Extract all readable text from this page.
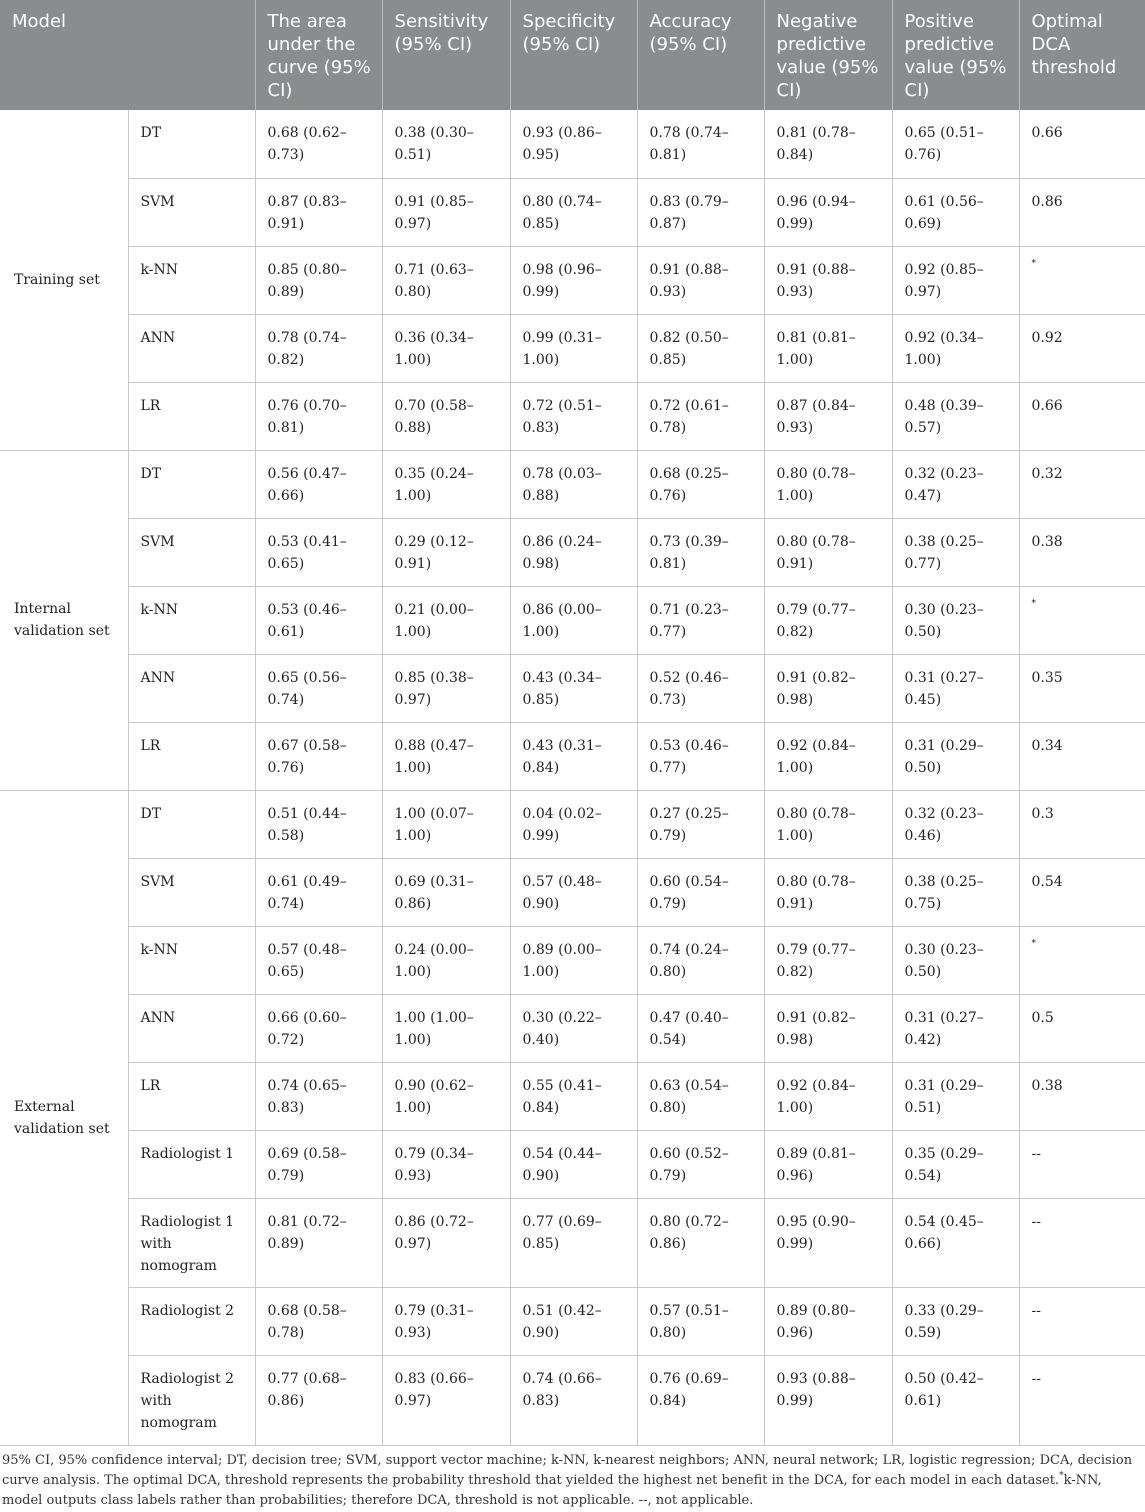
Model		The area under the curve (95% CI)	Sensitivity (95% CI)	Specificity (95% CI)	Accuracy (95% CI)	Negative predictive value (95% CI)	Positive predictive value (95% CI)	Optimal DCA threshold
Training set	DT	0.68 (0.62–0.73)	0.38 (0.30–0.51)	0.93 (0.86–0.95)	0.78 (0.74–0.81)	0.81 (0.78–0.84)	0.65 (0.51–0.76)	0.66
	SVM	0.87 (0.83–0.91)	0.91 (0.85–0.97)	0.80 (0.74–0.85)	0.83 (0.79–0.87)	0.96 (0.94–0.99)	0.61 (0.56–0.69)	0.86
	k-NN	0.85 (0.80–0.89)	0.71 (0.63–0.80)	0.98 (0.96–0.99)	0.91 (0.88–0.93)	0.91 (0.88–0.93)	0.92 (0.85–0.97)	*
	ANN	0.78 (0.74–0.82)	0.36 (0.34–1.00)	0.99 (0.31–1.00)	0.82 (0.50–0.85)	0.81 (0.81–1.00)	0.92 (0.34–1.00)	0.92
	LR	0.76 (0.70–0.81)	0.70 (0.58–0.88)	0.72 (0.51–0.83)	0.72 (0.61–0.78)	0.87 (0.84–0.93)	0.48 (0.39–0.57)	0.66
Internal validation set	DT	0.56 (0.47–0.66)	0.35 (0.24–1.00)	0.78 (0.03–0.88)	0.68 (0.25–0.76)	0.80 (0.78–1.00)	0.32 (0.23–0.47)	0.32
	SVM	0.53 (0.41–0.65)	0.29 (0.12–0.91)	0.86 (0.24–0.98)	0.73 (0.39–0.81)	0.80 (0.78–0.91)	0.38 (0.25–0.77)	0.38
	k-NN	0.53 (0.46–0.61)	0.21 (0.00–1.00)	0.86 (0.00–1.00)	0.71 (0.23–0.77)	0.79 (0.77–0.82)	0.30 (0.23–0.50)	*
	ANN	0.65 (0.56–0.74)	0.85 (0.38–0.97)	0.43 (0.34–0.85)	0.52 (0.46–0.73)	0.91 (0.82–0.98)	0.31 (0.27–0.45)	0.35
	LR	0.67 (0.58–0.76)	0.88 (0.47–1.00)	0.43 (0.31–0.84)	0.53 (0.46–0.77)	0.92 (0.84–1.00)	0.31 (0.29–0.50)	0.34
External validation set	DT	0.51 (0.44–0.58)	1.00 (0.07–1.00)	0.04 (0.02–0.99)	0.27 (0.25–0.79)	0.80 (0.78–1.00)	0.32 (0.23–0.46)	0.3
	SVM	0.61 (0.49–0.74)	0.69 (0.31–0.86)	0.57 (0.48–0.90)	0.60 (0.54–0.79)	0.80 (0.78–0.91)	0.38 (0.25–0.75)	0.54
	k-NN	0.57 (0.48–0.65)	0.24 (0.00–1.00)	0.89 (0.00–1.00)	0.74 (0.24–0.80)	0.79 (0.77–0.82)	0.30 (0.23–0.50)	*
	ANN	0.66 (0.60–0.72)	1.00 (1.00–1.00)	0.30 (0.22–0.40)	0.47 (0.40–0.54)	0.91 (0.82–0.98)	0.31 (0.27–0.42)	0.5
	LR	0.74 (0.65–0.83)	0.90 (0.62–1.00)	0.55 (0.41–0.84)	0.63 (0.54–0.80)	0.92 (0.84–1.00)	0.31 (0.29–0.51)	0.38
	Radiologist 1	0.69 (0.58–0.79)	0.79 (0.34–0.93)	0.54 (0.44–0.90)	0.60 (0.52–0.79)	0.89 (0.81–0.96)	0.35 (0.29–0.54)	--
	Radiologist 1 with nomogram	0.81 (0.72–0.89)	0.86 (0.72–0.97)	0.77 (0.69–0.85)	0.80 (0.72–0.86)	0.95 (0.90–0.99)	0.54 (0.45–0.66)	--
	Radiologist 2	0.68 (0.58–0.78)	0.79 (0.31–0.93)	0.51 (0.42–0.90)	0.57 (0.51–0.80)	0.89 (0.80–0.96)	0.33 (0.29–0.59)	--
	Radiologist 2 with nomogram	0.77 (0.68–0.86)	0.83 (0.66–0.97)	0.74 (0.66–0.83)	0.76 (0.69–0.84)	0.93 (0.88–0.99)	0.50 (0.42–0.61)	--
95% CI, 95% confidence interval; DT, decision tree; SVM, support vector machine; k-NN, k-nearest neighbors; ANN, neural network; LR, logistic regression; DCA, decision curve analysis. The optimal DCA, threshold represents the probability threshold that yielded the highest net benefit in the DCA, for each model in each dataset.*k-NN, model outputs class labels rather than probabilities; therefore DCA, threshold is not applicable. --, not applicable.
